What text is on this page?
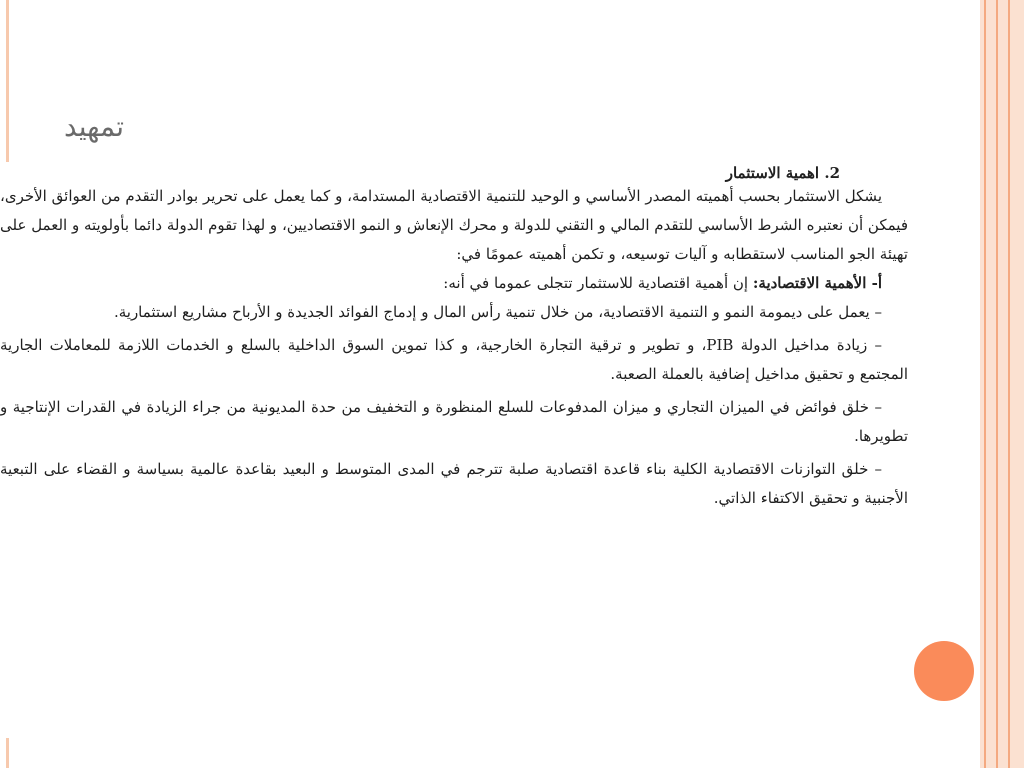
تمهيد

2. اهمية الاستثمار

يشكل الاستثمار بحسب أهميته المصدر الأساسي و الوحيد للتنمية الاقتصادية المستدامة، و كما يعمل على تحرير بوادر التقدم من العوائق الأخرى، فيمكن أن نعتبره الشرط الأساسي للتقدم المالي و التقني للدولة و محرك الإنعاش و النمو الاقتصاديين، و لهذا تقوم الدولة دائما بأولويته و العمل على تهيئة الجو المناسب لاستقطابه و آليات توسيعه، و تكمن أهميته عمومًا في:

أ- الأهمية الاقتصادية: إن أهمية اقتصادية للاستثمار تتجلى عموما في أنه:

– يعمل على ديمومة النمو و التنمية الاقتصادية، من خلال تنمية رأس المال و إدماج الفوائد الجديدة و الأرباح مشاريع استثمارية.

– زيادة مداخيل الدولة PIB، و تطوير و ترقية التجارة الخارجية، و كذا تموين السوق الداخلية بالسلع و الخدمات اللازمة للمعاملات الجارية المجتمع و تحقيق مداخيل إضافية بالعملة الصعبة.

– خلق فوائض في الميزان التجاري و ميزان المدفوعات للسلع المنظورة و التخفيف من حدة المديونية من جراء الزيادة في القدرات الإنتاجية و تطويرها.

– خلق التوازنات الاقتصادية الكلية بناء قاعدة اقتصادية صلبة تترجم في المدى المتوسط و البعيد بقاعدة عالمية بسياسة و القضاء على التبعية الأجنبية و تحقيق الاكتفاء الذاتي.
